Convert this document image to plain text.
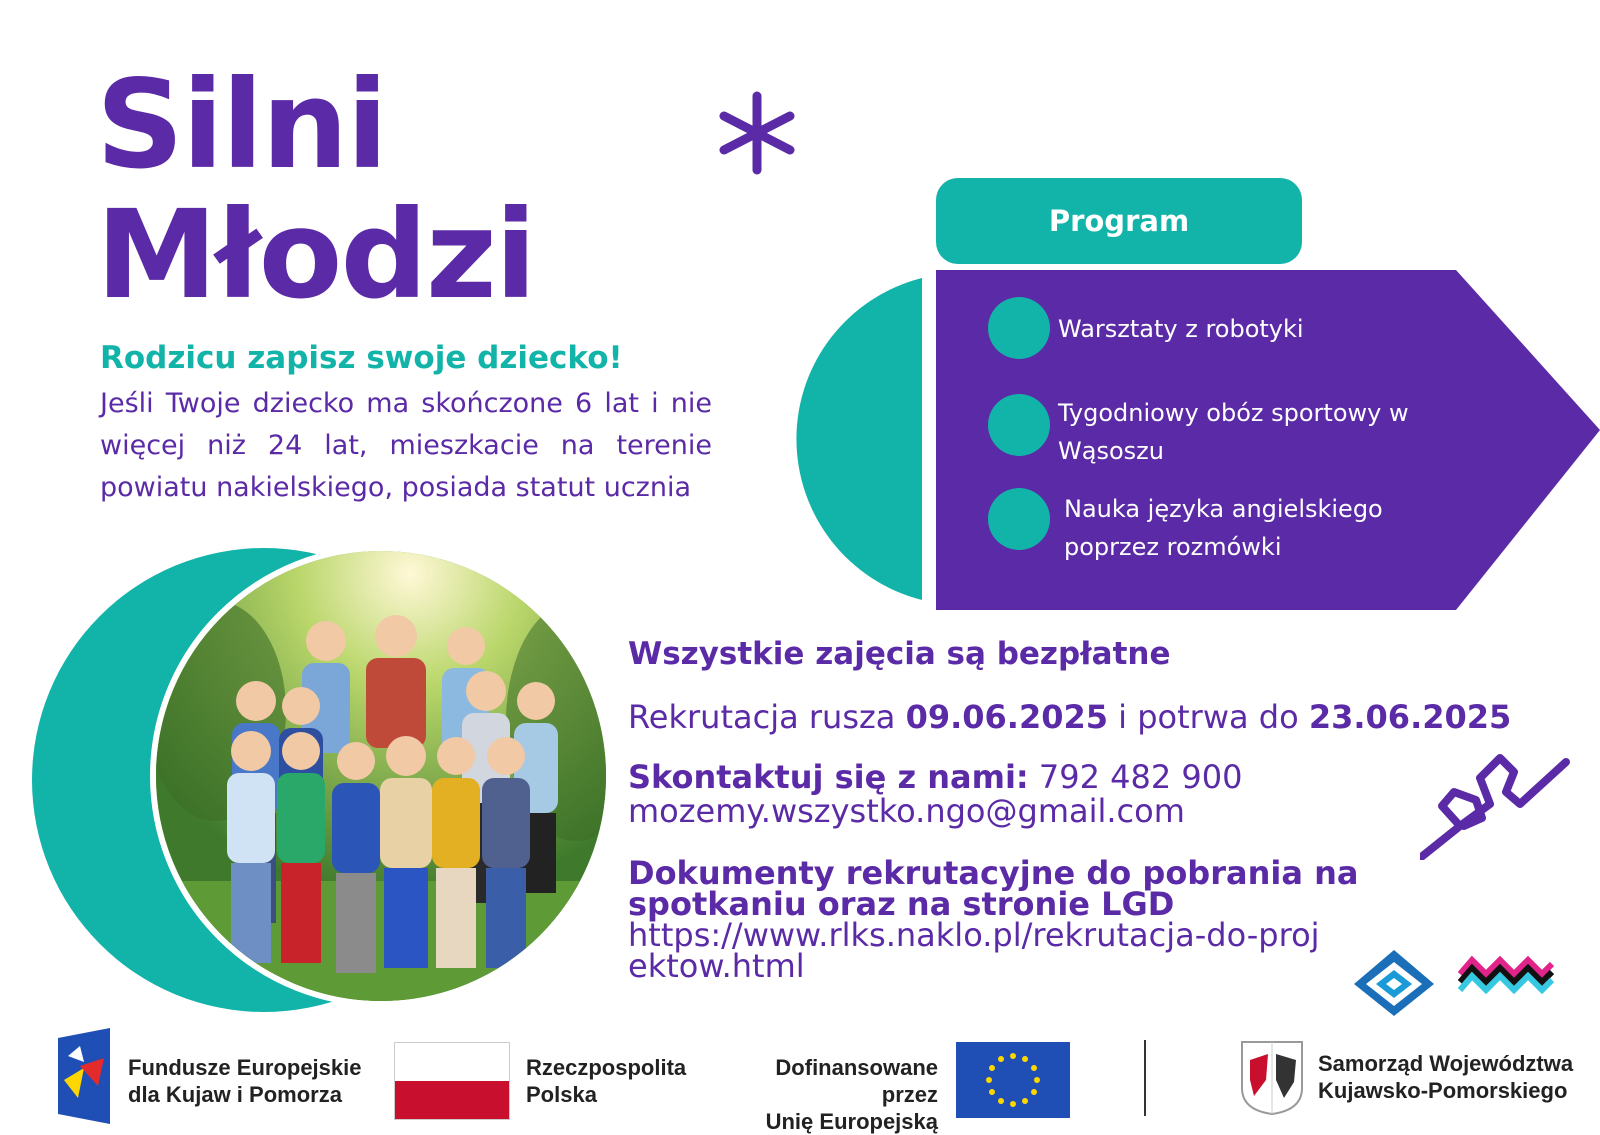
Silni
Młodzi
Rodzicu zapisz swoje dziecko!
Jeśli Twoje dziecko ma skończone 6 lat i nie więcej niż 24 lat, mieszkacie na terenie powiatu nakielskiego, posiada statut ucznia
Program
Warsztaty z robotyki
Tygodniowy obóz sportowy w Wąsoszu
Nauka języka angielskiego poprzez rozmówki
Wszystkie zajęcia są bezpłatne
Rekrutacja rusza 09.06.2025 i potrwa do 23.06.2025
Skontaktuj się z nami: 792 482 900
mozemy.wszystko.ngo@gmail.com
Dokumenty rekrutacyjne do pobrania na spotkaniu oraz na stronie LGD
https://www.rlks.naklo.pl/rekrutacja-do-projektow.html
Fundusze Europejskie
dla Kujaw i Pomorza
Rzeczpospolita
Polska
Dofinansowane przez
Unię Europejską
Samorząd Województwa
Kujawsko-Pomorskiego
